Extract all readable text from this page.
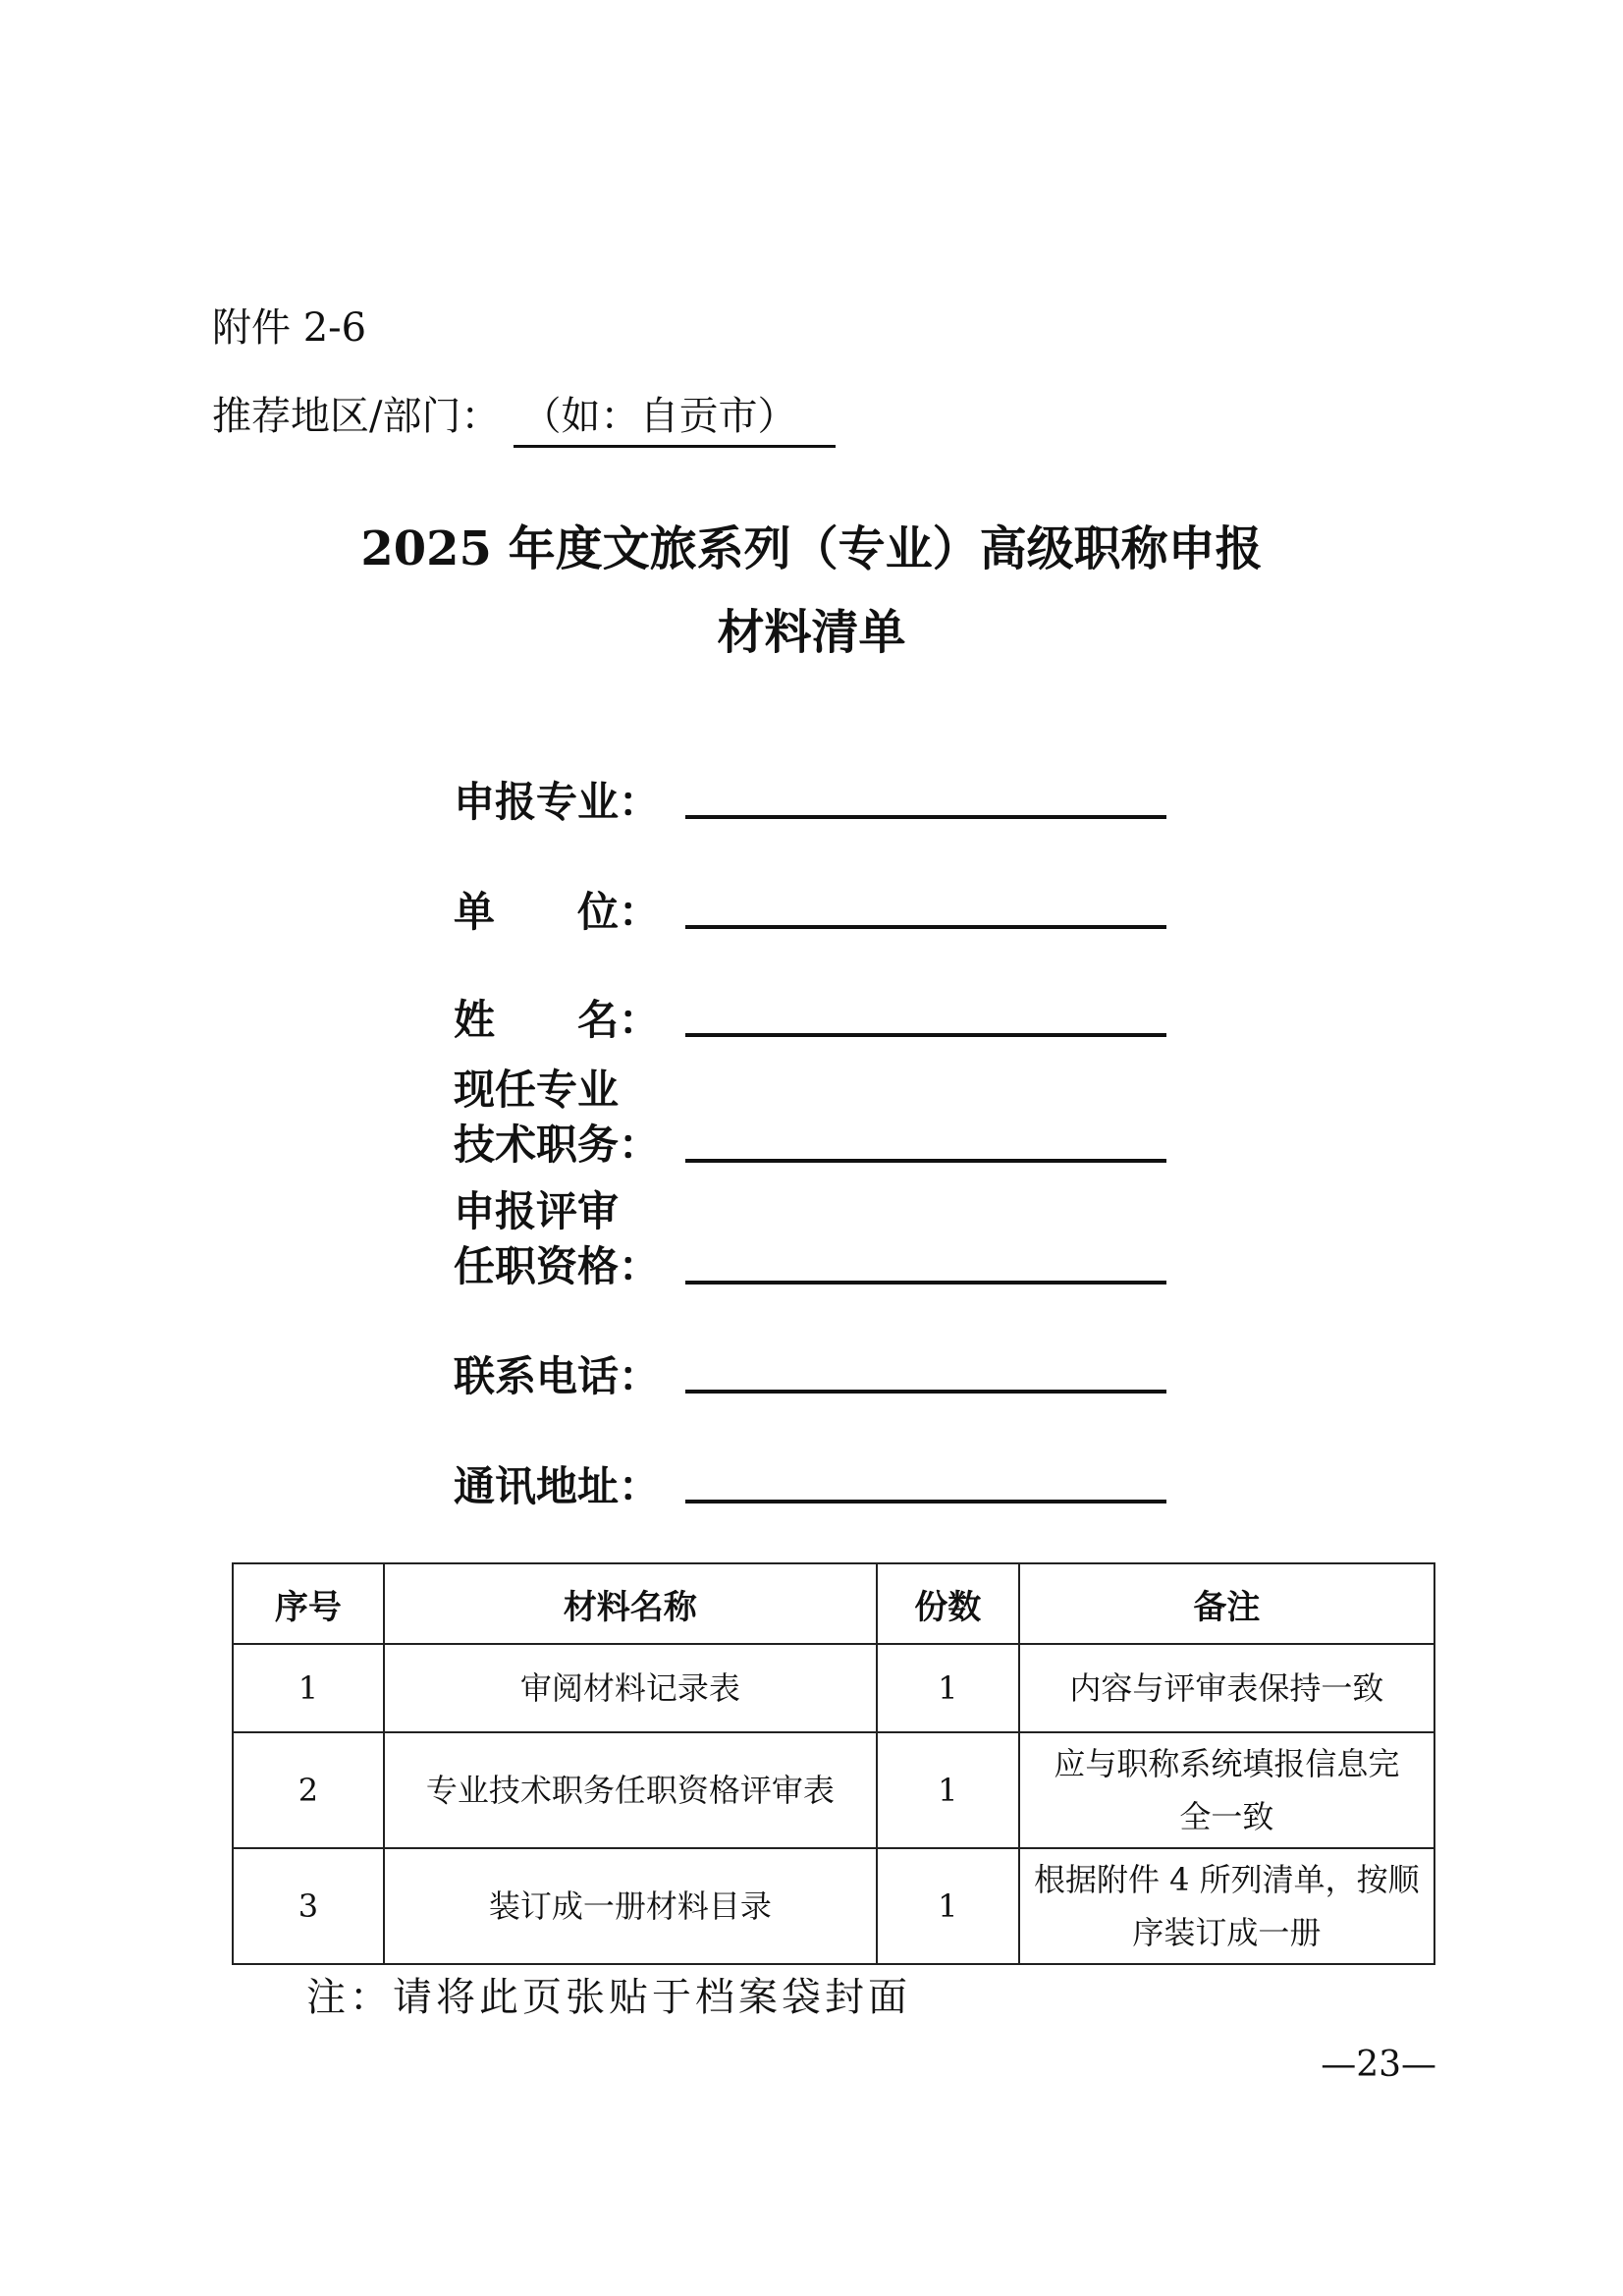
附件 2-6
推荐地区/部门： （如：自贡市）
2025 年度文旅系列（专业）高级职称申报
材料清单
申报专业：
单　　位：
姓　　名：
现任专业
技术职务：
申报评审
任职资格：
联系电话：
通讯地址：
序号	材料名称	份数	备注
1	审阅材料记录表	1	内容与评审表保持一致
2	专业技术职务任职资格评审表	1	应与职称系统填报信息完
全一致
3	装订成一册材料目录	1	根据附件 4 所列清单，按顺
序装订成一册
注：请将此页张贴于档案袋封面
—23—
